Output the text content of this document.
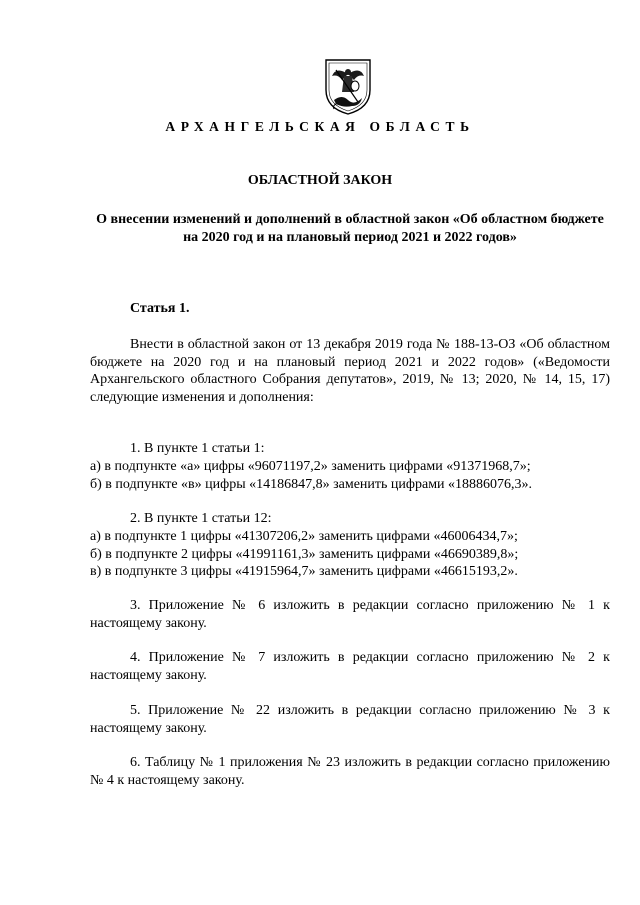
АРХАНГЕЛЬСКАЯ ОБЛАСТЬ
ОБЛАСТНОЙ ЗАКОН
О внесении изменений и дополнений в областной закон «Об областном бюджете на 2020 год и на плановый период 2021 и 2022 годов»
Статья 1.

Внести в областной закон от 13 декабря 2019 года № 188-13-ОЗ «Об областном бюджете на 2020 год и на плановый период 2021 и 2022 годов» («Ведомости Архангельского областного Собрания депутатов», 2019, № 13; 2020, № 14, 15, 17) следующие изменения и дополнения:

1. В пункте 1 статьи 1:
а) в подпункте «а» цифры «96071197,2» заменить цифрами «91371968,7»;
б) в подпункте «в» цифры «14186847,8» заменить цифрами «18886076,3».
2. В пункте 1 статьи 12:
а) в подпункте 1 цифры «41307206,2» заменить цифрами «46006434,7»;
б) в подпункте 2 цифры «41991161,3» заменить цифрами «46690389,8»;
в) в подпункте 3 цифры «41915964,7» заменить цифрами «46615193,2».

3. Приложение № 6 изложить в редакции согласно приложению № 1 к настоящему закону.

4. Приложение № 7 изложить в редакции согласно приложению № 2 к настоящему закону.

5. Приложение № 22 изложить в редакции согласно приложению № 3 к настоящему закону.

6. Таблицу № 1 приложения № 23 изложить в редакции согласно приложению № 4 к настоящему закону.
